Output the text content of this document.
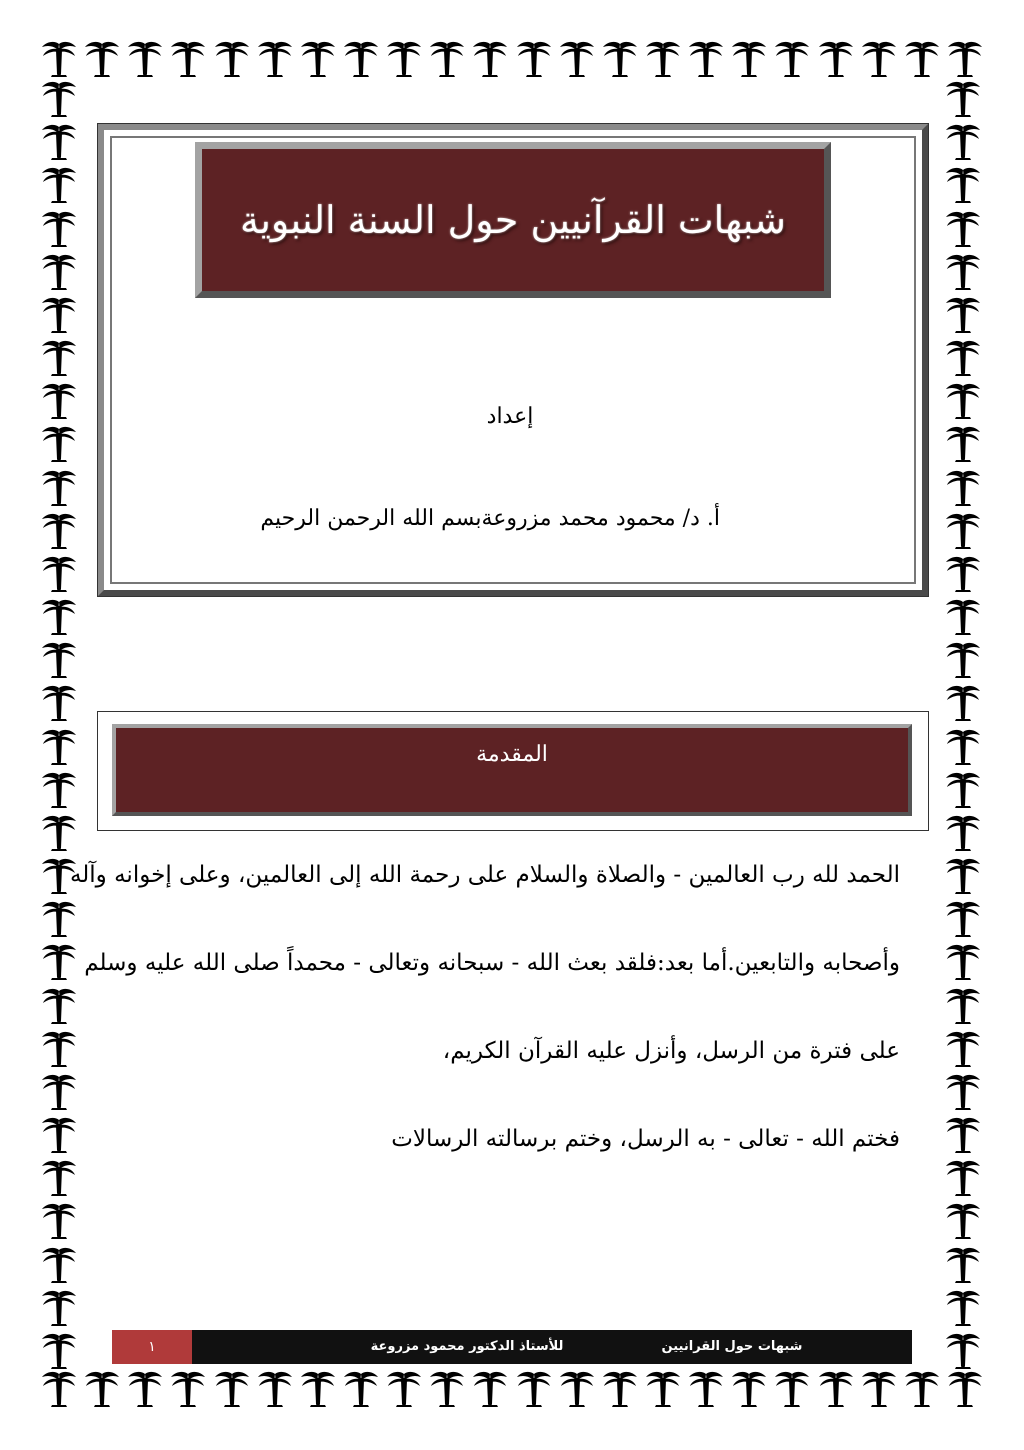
شبهات القرآنيين حول السنة النبوية
إعداد
أ. د/ محمود محمد مزروعةبسم الله الرحمن الرحيم
المقدمة

الحمد لله رب العالمين - والصلاة والسلام على رحمة الله إلى العالمين، وعلى إخوانه وآله

وأصحابه والتابعين.أما بعد:فلقد بعث الله - سبحانه وتعالى - محمداً صلى الله عليه وسلم

على فترة من الرسل، وأنزل عليه القرآن الكريم،

فختم الله - تعالى - به الرسل، وختم برسالته الرسالات

١	للأستاذ الدكتور محمود مزروعة	شبهات حول القرانيين
